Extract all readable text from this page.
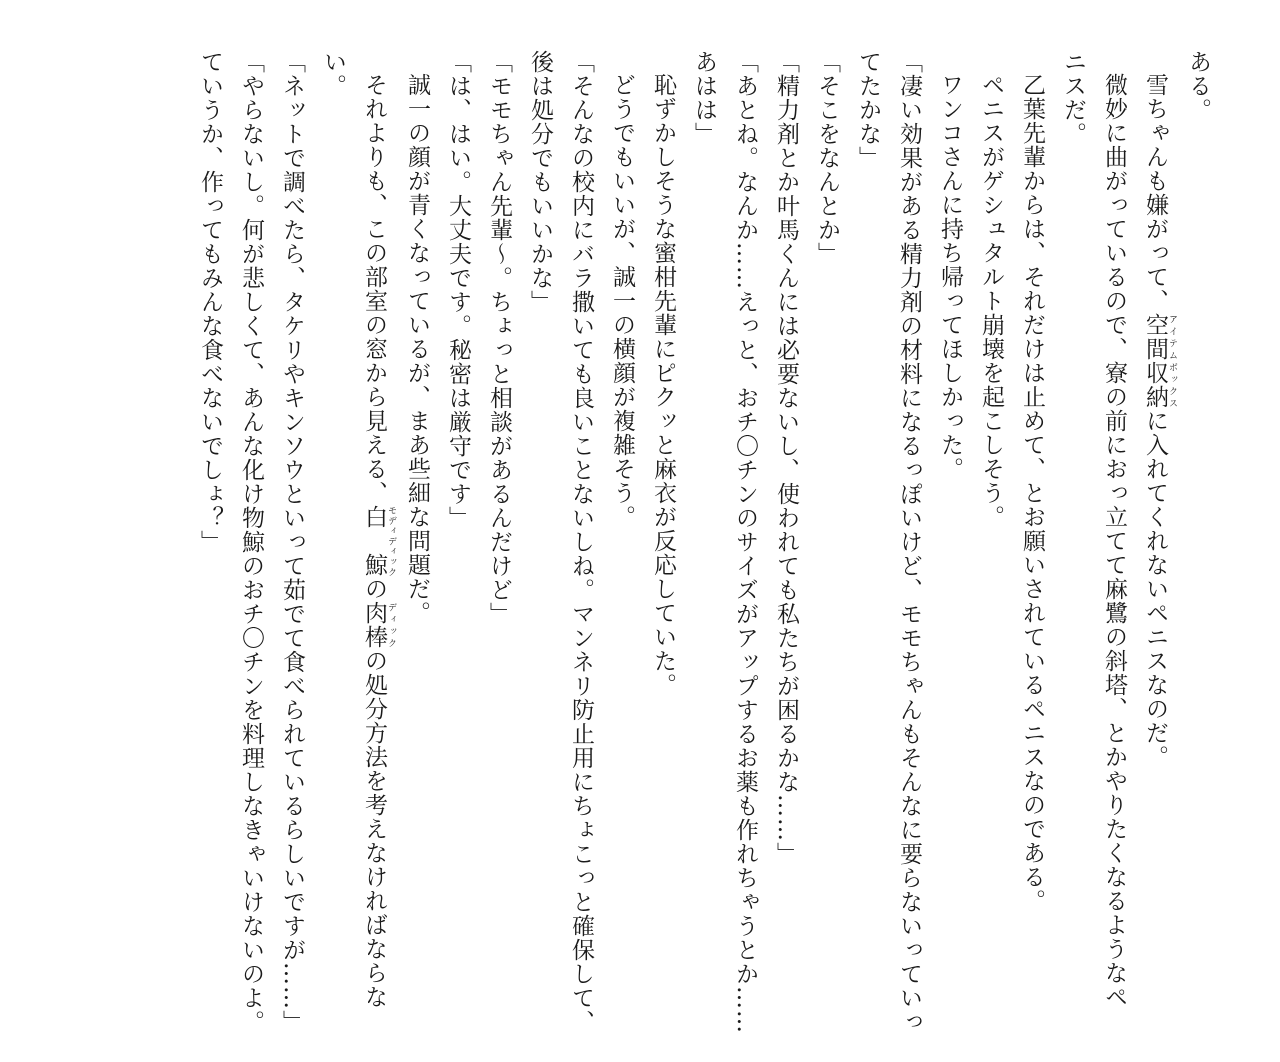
ある。
雪ちゃんも嫌がって、空間収納 アイテムボックスに入れてくれないペニスなのだ。
微妙に曲がっているので、寮の前におっ立てて麻鷺の斜塔、とかやりたくなるようなペ
ニスだ。
乙葉先輩からは、それだけは止めて、とお願いされているペニスなのである。
ペニスがゲシュタルト崩壊を起こしそう。
ワンコさんに持ち帰ってほしかった。
「凄い効果がある精力剤の材料になるっぽいけど、モモちゃんもそんなに要らないっていっ
てたかな」
「そこをなんとか」
「精力剤とか叶馬くんには必要ないし、使われても私たちが困るかな……」
「あとね。なんか……えっと、おチ〇チンのサイズがアップするお薬も作れちゃうとか……
あはは」
恥ずかしそうな蜜柑先輩にピクッと麻衣が反応していた。
どうでもいいが、誠一の横顔が複雑そう。
「そんなの校内にバラ撒いても良いことないしね。マンネリ防止用にちょこっと確保して、
後は処分でもいいかな」
「モモちゃん先輩～。ちょっと相談があるんだけど」
「は、はい。大丈夫です。秘密は厳守です」
誠一の顔が青くなっているが、まあ些細な問題だ。
それよりも、この部室の窓から見える、白　鯨 モディディックの肉棒 ディックの処分方法を考えなければならな
い。
「ネットで調べたら、タケリやキンソウといって茹でて食べられているらしいですが……」
「やらないし。何が悲しくて、あんな化け物鯨のおチ〇チンを料理しなきゃいけないのよ。
ていうか、作ってもみんな食べないでしょ？」
